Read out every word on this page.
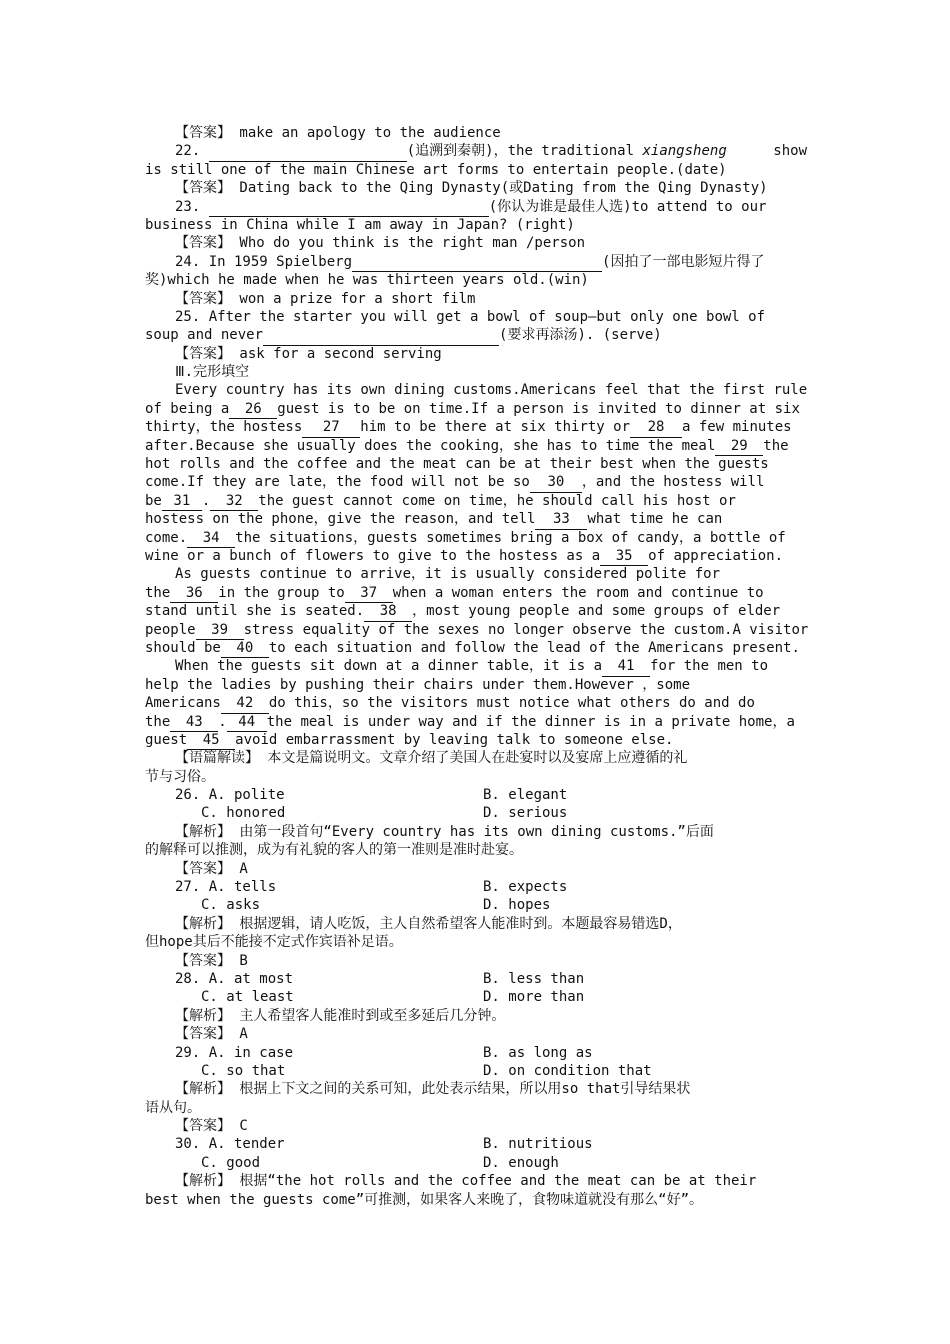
【答案】 make an apology to the audience
22.	(追溯到秦朝)，the traditional xiangsheng	show
is still one of the main Chinese art forms to entertain people.(date)
【答案】 Dating back to the Qing Dynasty(或Dating from the Qing Dynasty)
23.	(你认为谁是最佳人选)to attend to our
business in China while I am away in Japan? (right)
【答案】 Who do you think is the right man /person
24. In 1959 Spielberg	(因拍了一部电影短片得了
奖)which he made when he was thirteen years old.(win)
【答案】 won a prize for a short film
25. After the starter you will get a bowl of soup—but only one bowl of
soup and never	(要求再添汤). (serve)
【答案】 ask for a second serving
Ⅲ.完形填空
Every country has its own dining customs.Americans feel that the first rule
of being a 26 guest is to be on time.If a person is invited to dinner at six
thirty，the hostess 27 him to be there at six thirty or 28 a few minutes
after.Because she usually does the cooking，she has to time the meal 29 the
hot rolls and the coffee and the meat can be at their best when the guests
come.If they are late，the food will not be so 30 ，and the hostess will
be 31 . 32 the guest cannot come on time，he should call his host or
hostess on the phone，give the reason，and tell 33 what time he can
come. 34 the situations，guests sometimes bring a box of candy，a bottle of
wine or a bunch of flowers to give to the hostess as a 35 of appreciation.
As guests continue to arrive，it is usually considered polite for
the 36 in the group to 37 when a woman enters the room and continue to
stand until she is seated. 38 ，most young people and some groups of elder
people 39 stress equality of the sexes no longer observe the custom.A visitor
should be 40 to each situation and follow the lead of the Americans present.
When the guests sit down at a dinner table，it is a 41 for the men to
help the ladies by pushing their chairs under them.However ，some
Americans 42 do this，so the visitors must notice what others do and do
the 43 . 44 the meal is under way and if the dinner is in a private home，a
guest 45 avoid embarrassment by leaving talk to someone else.
【语篇解读】 本文是篇说明文。文章介绍了美国人在赴宴时以及宴席上应遵循的礼
节与习俗。
26. A. polite	B. elegant
C. honored	D. serious
【解析】 由第一段首句“Every country has its own dining customs.”后面
的解释可以推测，成为有礼貌的客人的第一准则是准时赴宴。
【答案】 A
27. A. tells	B. expects
C. asks	D. hopes
【解析】 根据逻辑，请人吃饭，主人自然希望客人能准时到。本题最容易错选D，
但hope其后不能接不定式作宾语补足语。
【答案】 B
28. A. at most	B. less than
C. at least	D. more than
【解析】 主人希望客人能准时到或至多延后几分钟。
【答案】 A
29. A. in case	B. as long as
C. so that	D. on condition that
【解析】 根据上下文之间的关系可知，此处表示结果，所以用so that引导结果状
语从句。
【答案】 C
30. A. tender	B. nutritious
C. good	D. enough
【解析】 根据“the hot rolls and the coffee and the meat can be at their
best when the guests come”可推测，如果客人来晚了，食物味道就没有那么“好”。
